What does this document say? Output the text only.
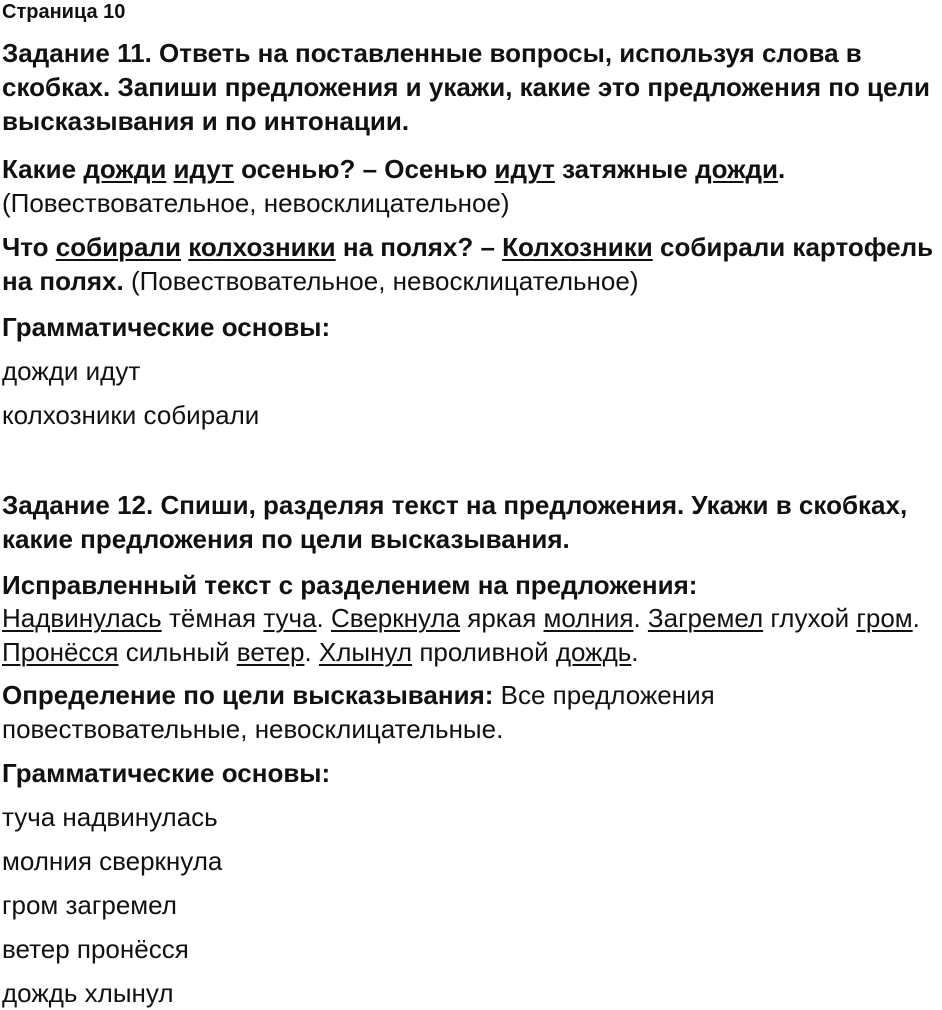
Страница 10
Задание 11. Ответь на поставленные вопросы, используя слова в скобках. Запиши предложения и укажи, какие это предложения по цели высказывания и по интонации.
Какие дожди идут осенью? – Осенью идут затяжные дожди.
(Повествовательное, невосклицательное)
Что собирали колхозники на полях? – Колхозники собирали картофель на полях. (Повествовательное, невосклицательное)
Грамматические основы:
дожди идут
колхозники собирали
Задание 12. Спиши, разделяя текст на предложения. Укажи в скобках, какие предложения по цели высказывания.
Исправленный текст с разделением на предложения:
Надвинулась тёмная туча. Сверкнула яркая молния. Загремел глухой гром. Пронёсся сильный ветер. Хлынул проливной дождь.
Определение по цели высказывания: Все предложения повествовательные, невосклицательные.
Грамматические основы:
туча надвинулась
молния сверкнула
гром загремел
ветер пронёсся
дождь хлынул
